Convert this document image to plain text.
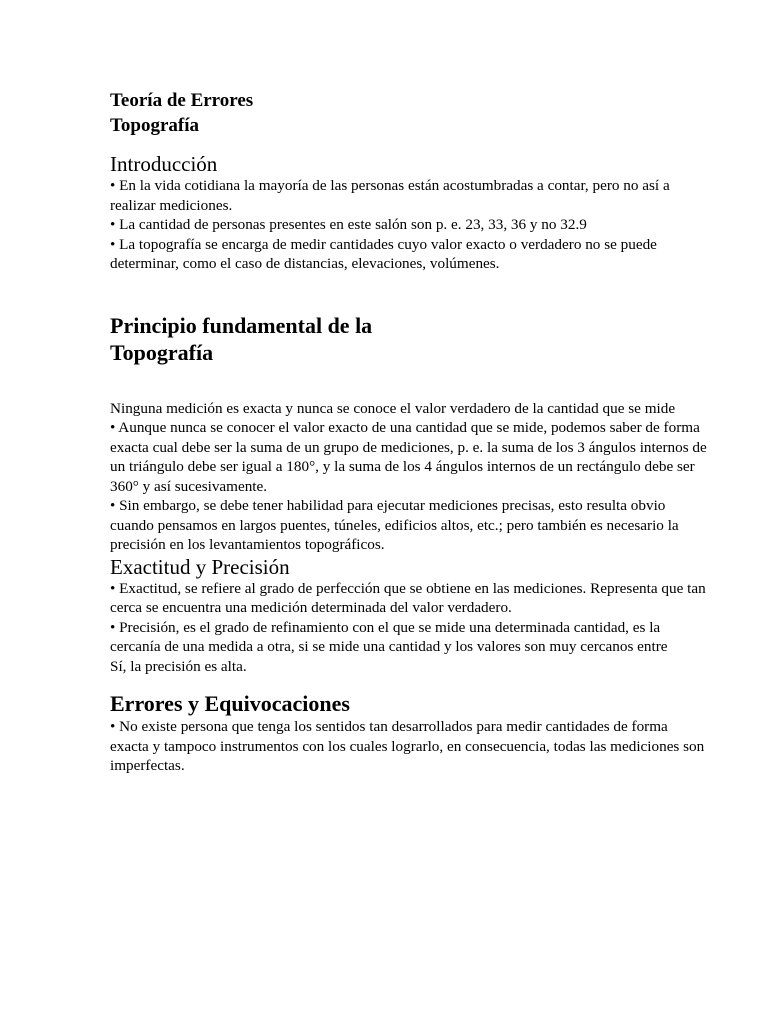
Teoría de Errores
Topografía
Introducción

• En la vida cotidiana la mayoría de las personas están acostumbradas a contar, pero no así a realizar mediciones.

• La cantidad de personas presentes en este salón son p. e. 23, 33, 36 y no 32.9

• La topografía se encarga de medir cantidades cuyo valor exacto o verdadero no se puede determinar, como el caso de distancias, elevaciones, volúmenes.

Principio fundamental de la
Topografía

Ninguna medición es exacta y nunca se conoce el valor verdadero de la cantidad que se mide

• Aunque nunca se conocer el valor exacto de una cantidad que se mide, podemos saber de forma exacta cual debe ser la suma de un grupo de mediciones, p. e. la suma de los 3 ángulos internos de un triángulo debe ser igual a 180°, y la suma de los 4 ángulos internos de un rectángulo debe ser 360° y así sucesivamente.

• Sin embargo, se debe tener habilidad para ejecutar mediciones precisas, esto resulta obvio cuando pensamos en largos puentes, túneles, edificios altos, etc.; pero también es necesario la precisión en los levantamientos topográficos.

Exactitud y Precisión

• Exactitud, se refiere al grado de perfección que se obtiene en las mediciones. Representa que tan cerca se encuentra una medición determinada del valor verdadero.

• Precisión, es el grado de refinamiento con el que se mide una determinada cantidad, es la cercanía de una medida a otra, si se mide una cantidad y los valores son muy cercanos entre

Sí, la precisión es alta.

Errores y Equivocaciones

• No existe persona que tenga los sentidos tan desarrollados para medir cantidades de forma exacta y tampoco instrumentos con los cuales lograrlo, en consecuencia, todas las mediciones son imperfectas.
